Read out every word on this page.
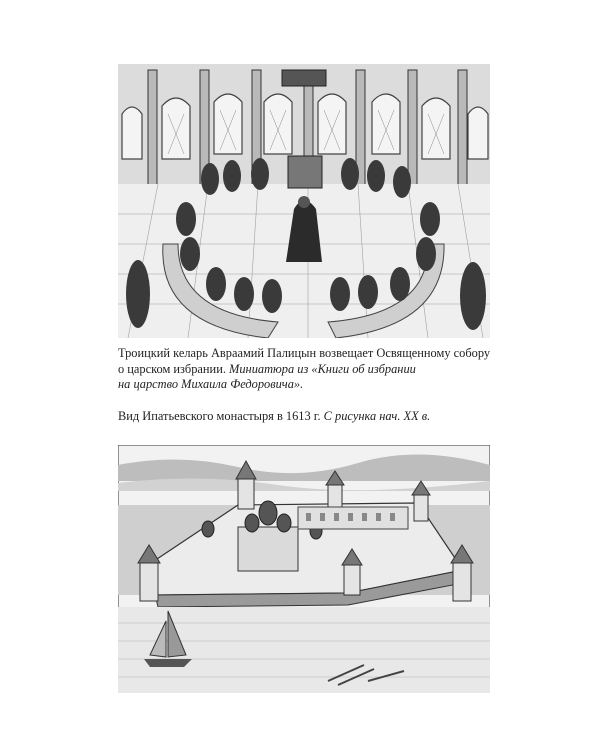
Троицкий келарь Авраамий Палицын возвещает Освященному собору
о царском избрании. Миниатюра из «Книги об избрании
на царство Михаила Федоровича».

Вид Ипатьевского монастыря в 1613 г. С рисунка нач. XX в.
